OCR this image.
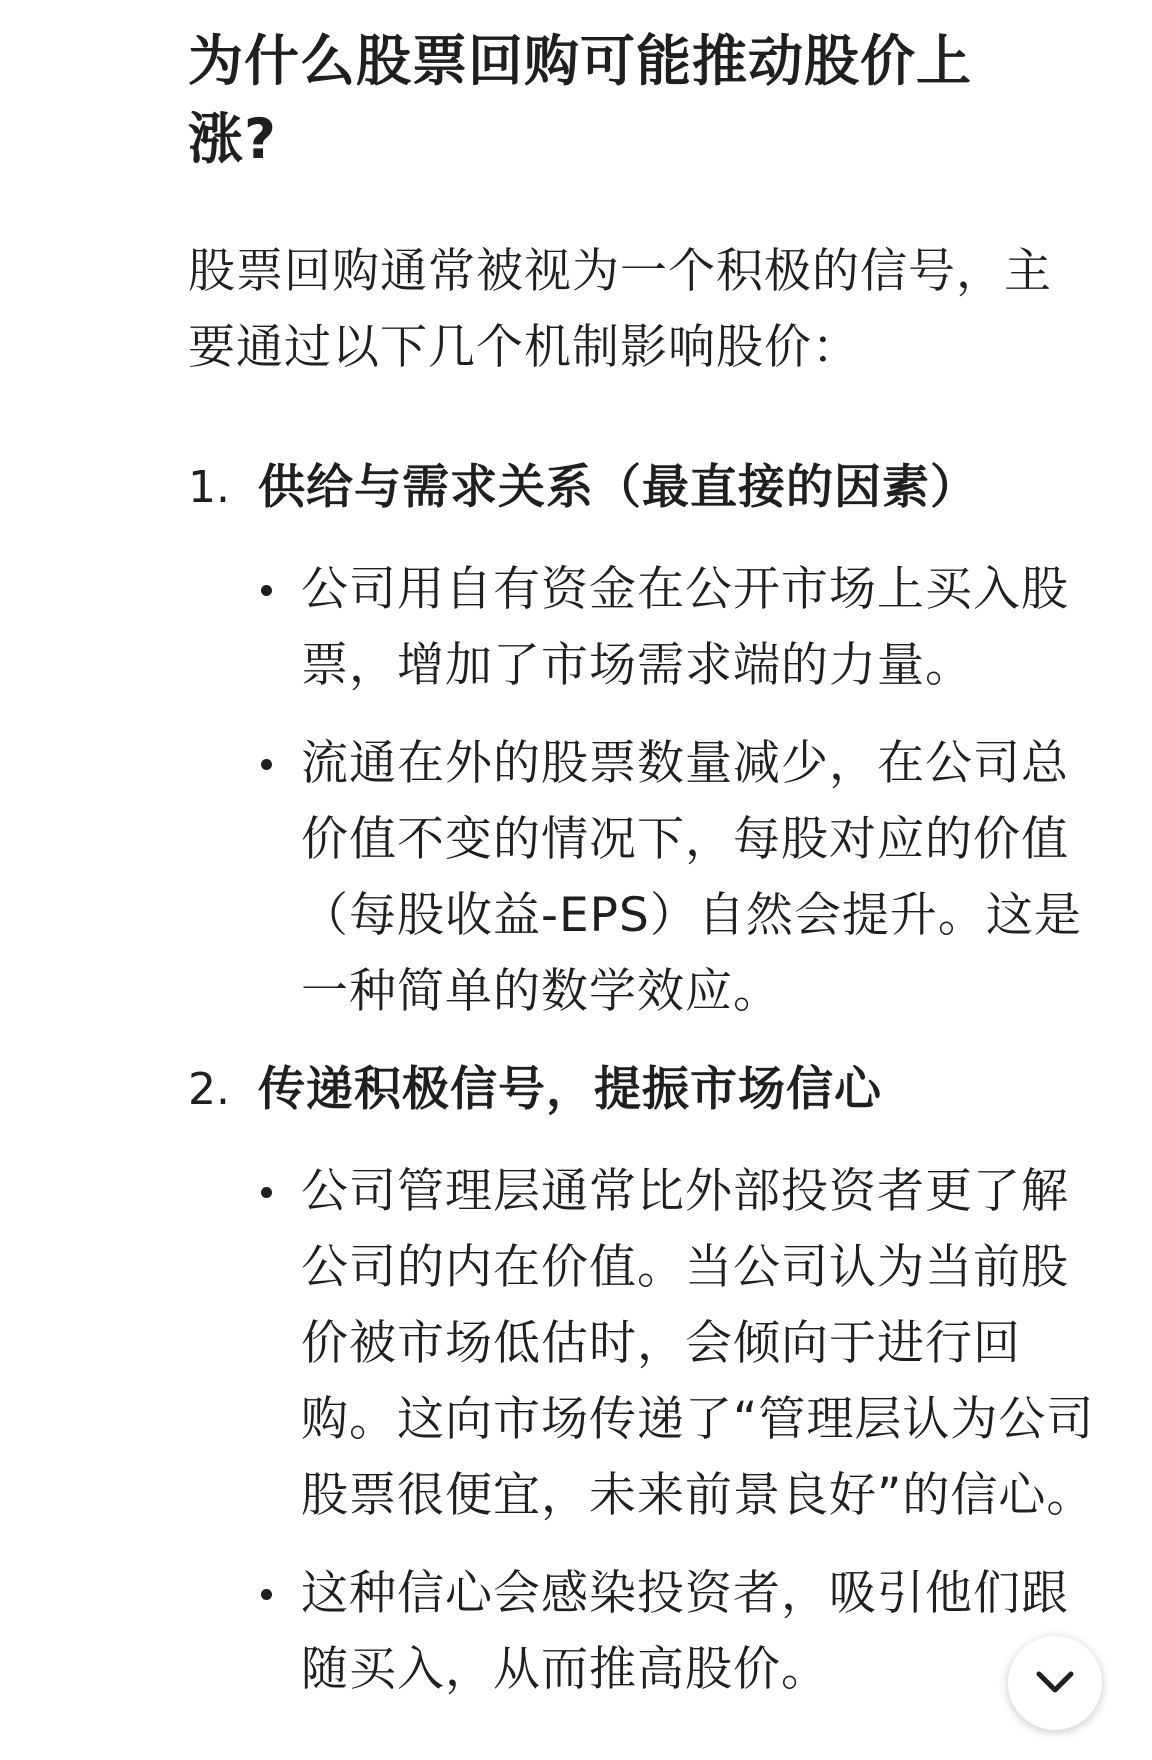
为什么股票回购可能推动股价上涨?

股票回购通常被视为一个积极的信号，主要通过以下几个机制影响股价：

1. 供给与需求关系（最直接的因素）
公司用自有资金在公开市场上买入股票，增加了市场需求端的力量。
流通在外的股票数量减少，在公司总价值不变的情况下，每股对应的价值（每股收益-EPS）自然会提升。这是一种简单的数学效应。
2. 传递积极信号，提振市场信心
公司管理层通常比外部投资者更了解公司的内在价值。当公司认为当前股价被市场低估时，会倾向于进行回购。这向市场传递了“管理层认为公司股票很便宜，未来前景良好”的信心。
这种信心会感染投资者，吸引他们跟随买入，从而推高股价。
